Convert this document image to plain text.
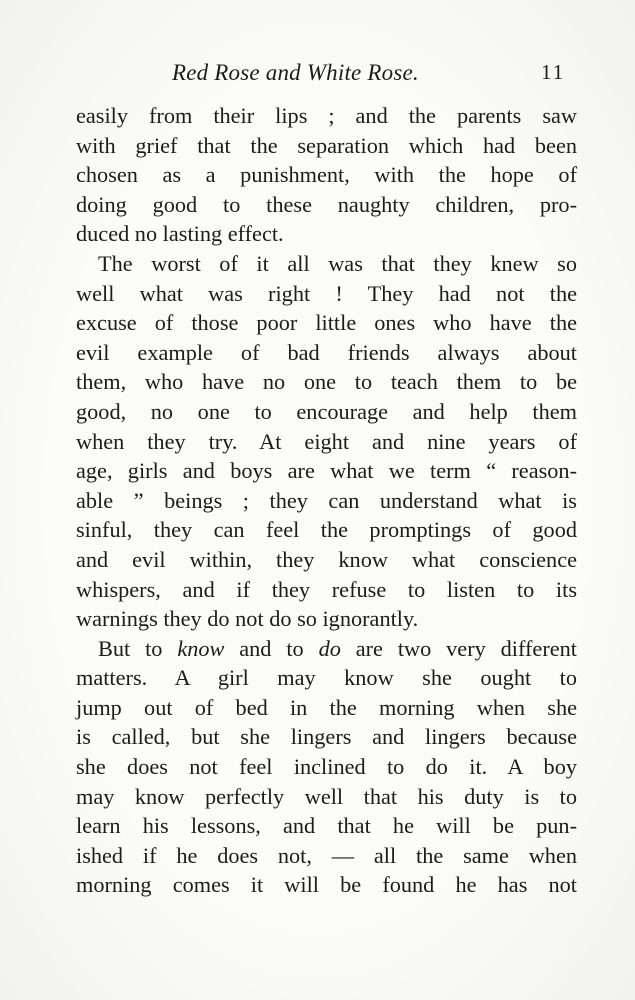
Red Rose and White Rose.	11
easily from their lips ; and the parents saw
with grief that the separation which had been
chosen as a punishment, with the hope of
doing good to these naughty children, pro-
duced no lasting effect.
The worst of it all was that they knew so
well what was right ! They had not the
excuse of those poor little ones who have the
evil example of bad friends always about
them, who have no one to teach them to be
good, no one to encourage and help them
when they try. At eight and nine years of
age, girls and boys are what we term “ reason-
able ” beings ; they can understand what is
sinful, they can feel the promptings of good
and evil within, they know what conscience
whispers, and if they refuse to listen to its
warnings they do not do so ignorantly.
But to know and to do are two very different
matters. A girl may know she ought to
jump out of bed in the morning when she
is called, but she lingers and lingers because
she does not feel inclined to do it. A boy
may know perfectly well that his duty is to
learn his lessons, and that he will be pun-
ished if he does not, — all the same when
morning comes it will be found he has not
